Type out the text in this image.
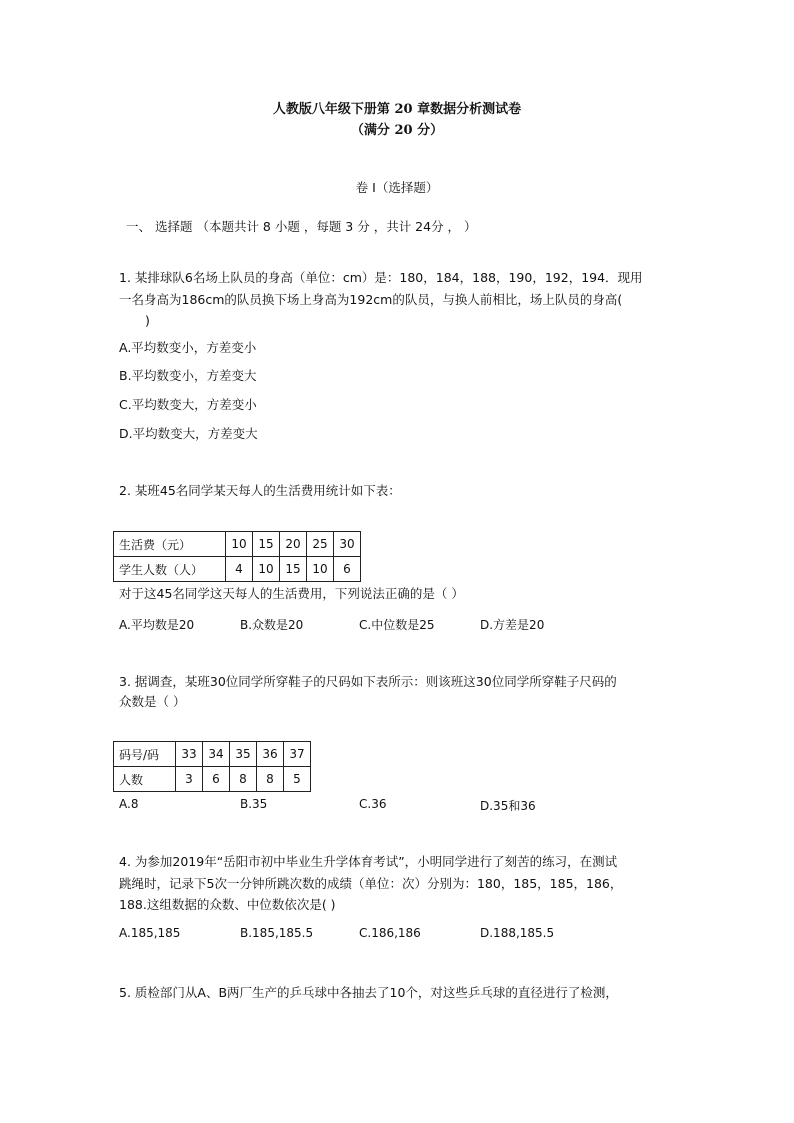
人教版八年级下册第 20 章数据分析测试卷
（满分 20 分）
卷 I（选择题）
一、 选择题 （本题共计 8 小题 ，每题 3 分 ，共计 24分 ， ）
1. 某排球队6名场上队员的身高（单位：cm）是：180，184，188，190，192，194．现用
一名身高为186cm的队员换下场上身高为192cm的队员，与换人前相比，场上队员的身高(
)
A.平均数变小，方差变小
B.平均数变小，方差变大
C.平均数变大，方差变小
D.平均数变大，方差变大
2. 某班45名同学某天每人的生活费用统计如下表：
生活费（元）	10	15	20	25	30
学生人数（人）	4	10	15	10	6
对于这45名同学这天每人的生活费用，下列说法正确的是（ ）
A.平均数是20	B.众数是20	C.中位数是25	D.方差是20
3. 据调查，某班30位同学所穿鞋子的尺码如下表所示：则该班这30位同学所穿鞋子尺码的
众数是（ ）
码号/码	33	34	35	36	37
人数	3	6	8	8	5
A.8	B.35	C.36	D.35和36
4. 为参加2019年“岳阳市初中毕业生升学体育考试”，小明同学进行了刻苦的练习，在测试
跳绳时，记录下5次一分钟所跳次数的成绩（单位：次）分别为：180，185，185，186，
188.这组数据的众数、中位数依次是( )
A.185,185	B.185,185.5	C.186,186	D.188,185.5
5. 质检部门从A、B两厂生产的乒乓球中各抽去了10个，对这些乒乓球的直径进行了检测，
